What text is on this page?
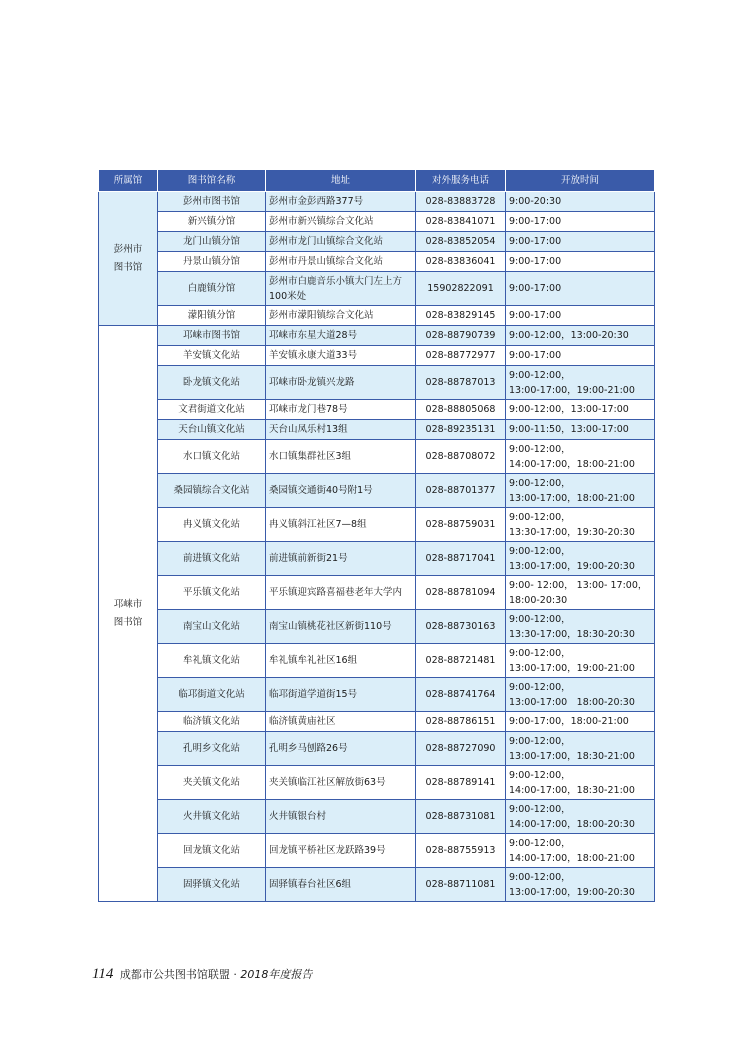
所属馆	图书馆名称	地址	对外服务电话	开放时间
彭州市
图书馆	彭州市图书馆	彭州市金彭西路377号	028-83883728	9:00-20:30
	新兴镇分馆	彭州市新兴镇综合文化站	028-83841071	9:00-17:00
	龙门山镇分馆	彭州市龙门山镇综合文化站	028-83852054	9:00-17:00
	丹景山镇分馆	彭州市丹景山镇综合文化站	028-83836041	9:00-17:00
	白鹿镇分馆	彭州市白鹿音乐小镇大门左上方100米处	15902822091	9:00-17:00
	濛阳镇分馆	彭州市濛阳镇综合文化站	028-83829145	9:00-17:00
邛崃市
图书馆	邛崃市图书馆	邛崃市东星大道28号	028-88790739	9:00-12:00，13:00-20:30
	羊安镇文化站	羊安镇永康大道33号	028-88772977	9:00-17:00
	卧龙镇文化站	邛崃市卧龙镇兴龙路	028-88787013	9:00-12:00，
13:00-17:00，19:00-21:00
	文君街道文化站	邛崃市龙门巷78号	028-88805068	9:00-12:00，13:00-17:00
	天台山镇文化站	天台山凤乐村13组	028-89235131	9:00-11:50，13:00-17:00
	水口镇文化站	水口镇集群社区3组	028-88708072	9:00-12:00，
14:00-17:00，18:00-21:00
	桑园镇综合文化站	桑园镇交通街40号附1号	028-88701377	9:00-12:00，
13:00-17:00，18:00-21:00
	冉义镇文化站	冉义镇斜江社区7—8组	028-88759031	9:00-12:00，
13:30-17:00，19:30-20:30
	前进镇文化站	前进镇前新街21号	028-88717041	9:00-12:00，
13:00-17:00，19:00-20:30
	平乐镇文化站	平乐镇迎宾路喜福巷老年大学内	028-88781094	9:00- 12:00， 13:00- 17:00，18:00-20:30
	南宝山文化站	南宝山镇桃花社区新街110号	028-88730163	9:00-12:00，
13:30-17:00，18:30-20:30
	牟礼镇文化站	牟礼镇牟礼社区16组	028-88721481	9:00-12:00，
13:00-17:00，19:00-21:00
	临邛街道文化站	临邛街道学道街15号	028-88741764	9:00-12:00，
13:00-17:00　18:00-20:30
	临济镇文化站	临济镇黄庙社区	028-88786151	9:00-17:00，18:00-21:00
	孔明乡文化站	孔明乡马刨路26号	028-88727090	9:00-12:00，
13:00-17:00，18:30-21:00
	夹关镇文化站	夹关镇临江社区解放街63号	028-88789141	9:00-12:00，
14:00-17:00，18:30-21:00
	火井镇文化站	火井镇银台村	028-88731081	9:00-12:00，
14:00-17:00，18:00-20:30
	回龙镇文化站	回龙镇平桥社区龙跃路39号	028-88755913	9:00-12:00，
14:00-17:00，18:00-21:00
	固驿镇文化站	固驿镇春台社区6组	028-88711081	9:00-12:00，
13:00-17:00，19:00-20:30
114 成都市公共图书馆联盟 · 2018年度报告
